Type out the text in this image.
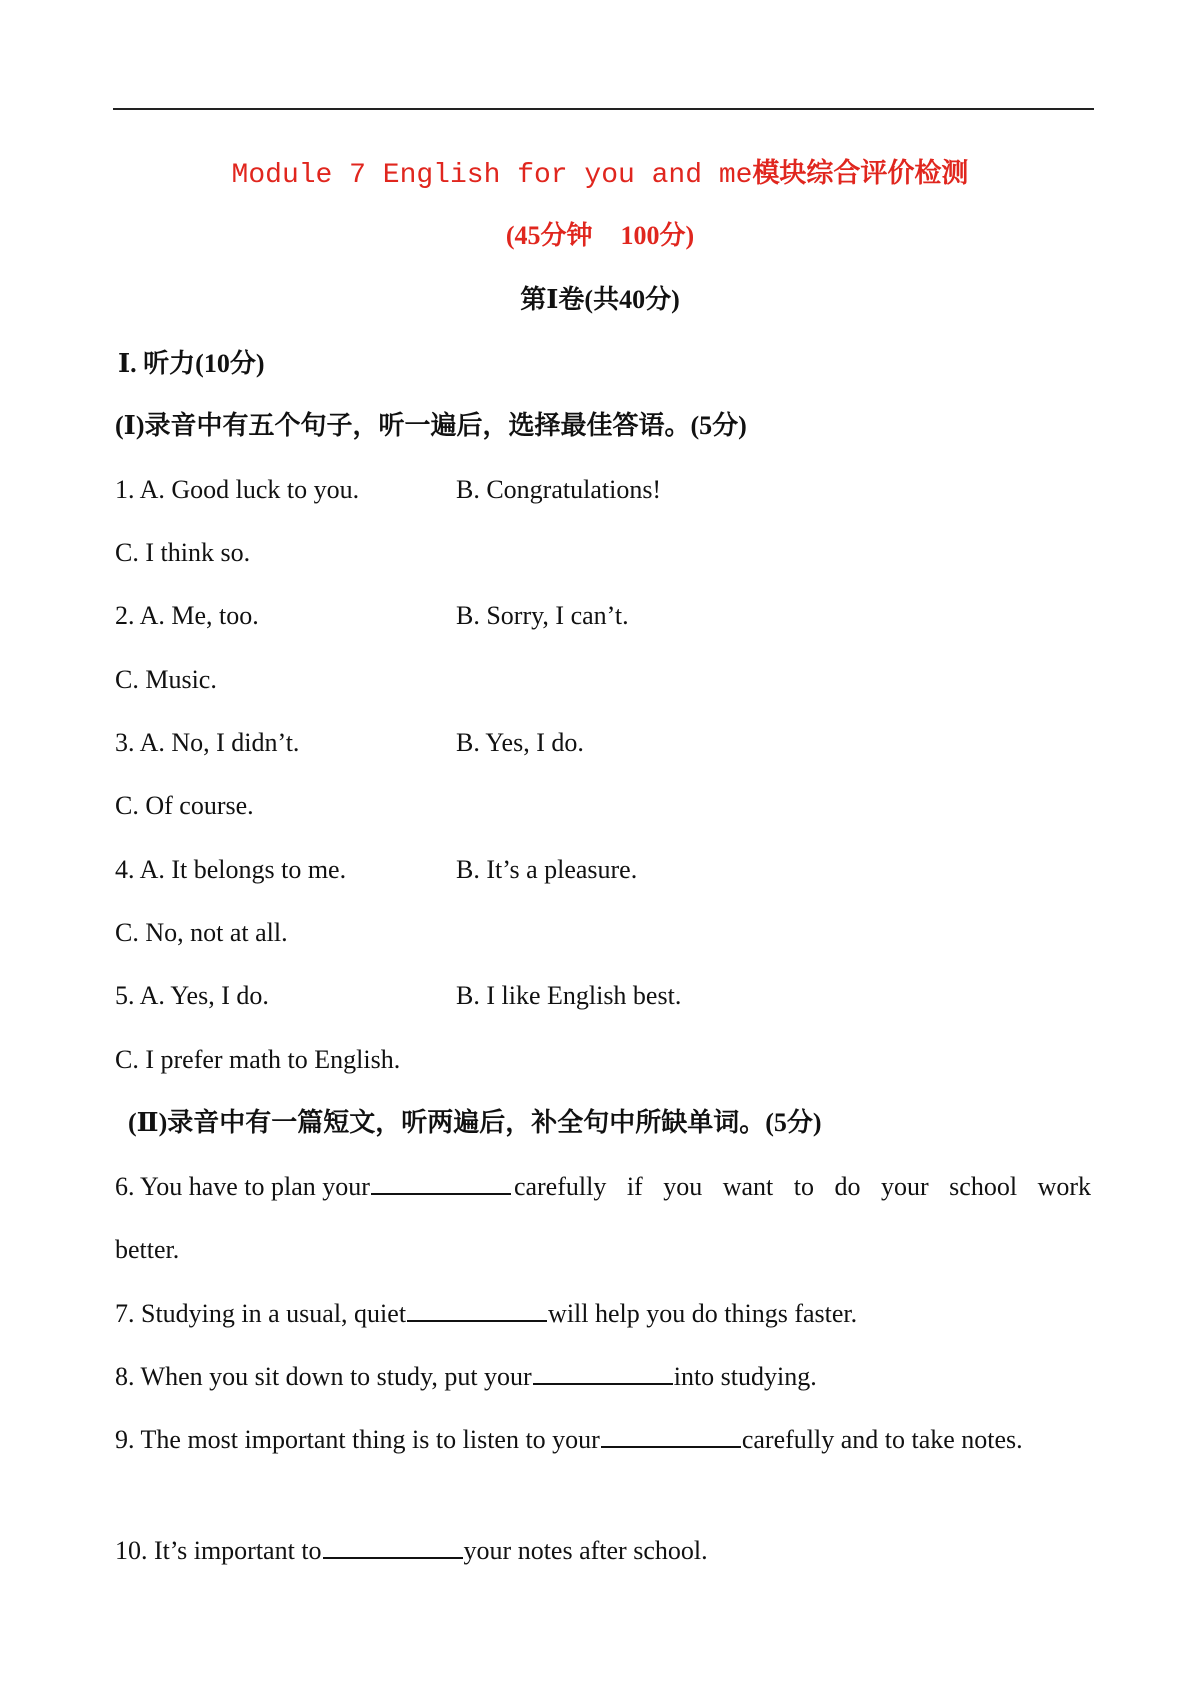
Module 7 English for you and me模块综合评价检测
(45分钟 100分)
第Ⅰ卷(共40分)
Ⅰ. 听力(10分)
(Ⅰ)录音中有五个句子，听一遍后，选择最佳答语。(5分)
1. A. Good luck to you.	B. Congratulations!
C. I think so.
2. A. Me, too.	B. Sorry, I can’t.
C. Music.
3. A. No, I didn’t.	B. Yes, I do.
C. Of course.
4. A. It belongs to me.	B. It’s a pleasure.
C. No, not at all.
5. A. Yes, I do.	B. I like English best.
C. I prefer math to English.
(Ⅱ)录音中有一篇短文，听两遍后，补全句中所缺单词。(5分)
6. You have to plan your	carefully if you want to do your school work
better.
7. Studying in a usual, quiet	will help you do things faster.
8. When you sit down to study, put your	into studying.
9. The most important thing is to listen to your	carefully and to take notes.
10. It’s important to	your notes after school.
